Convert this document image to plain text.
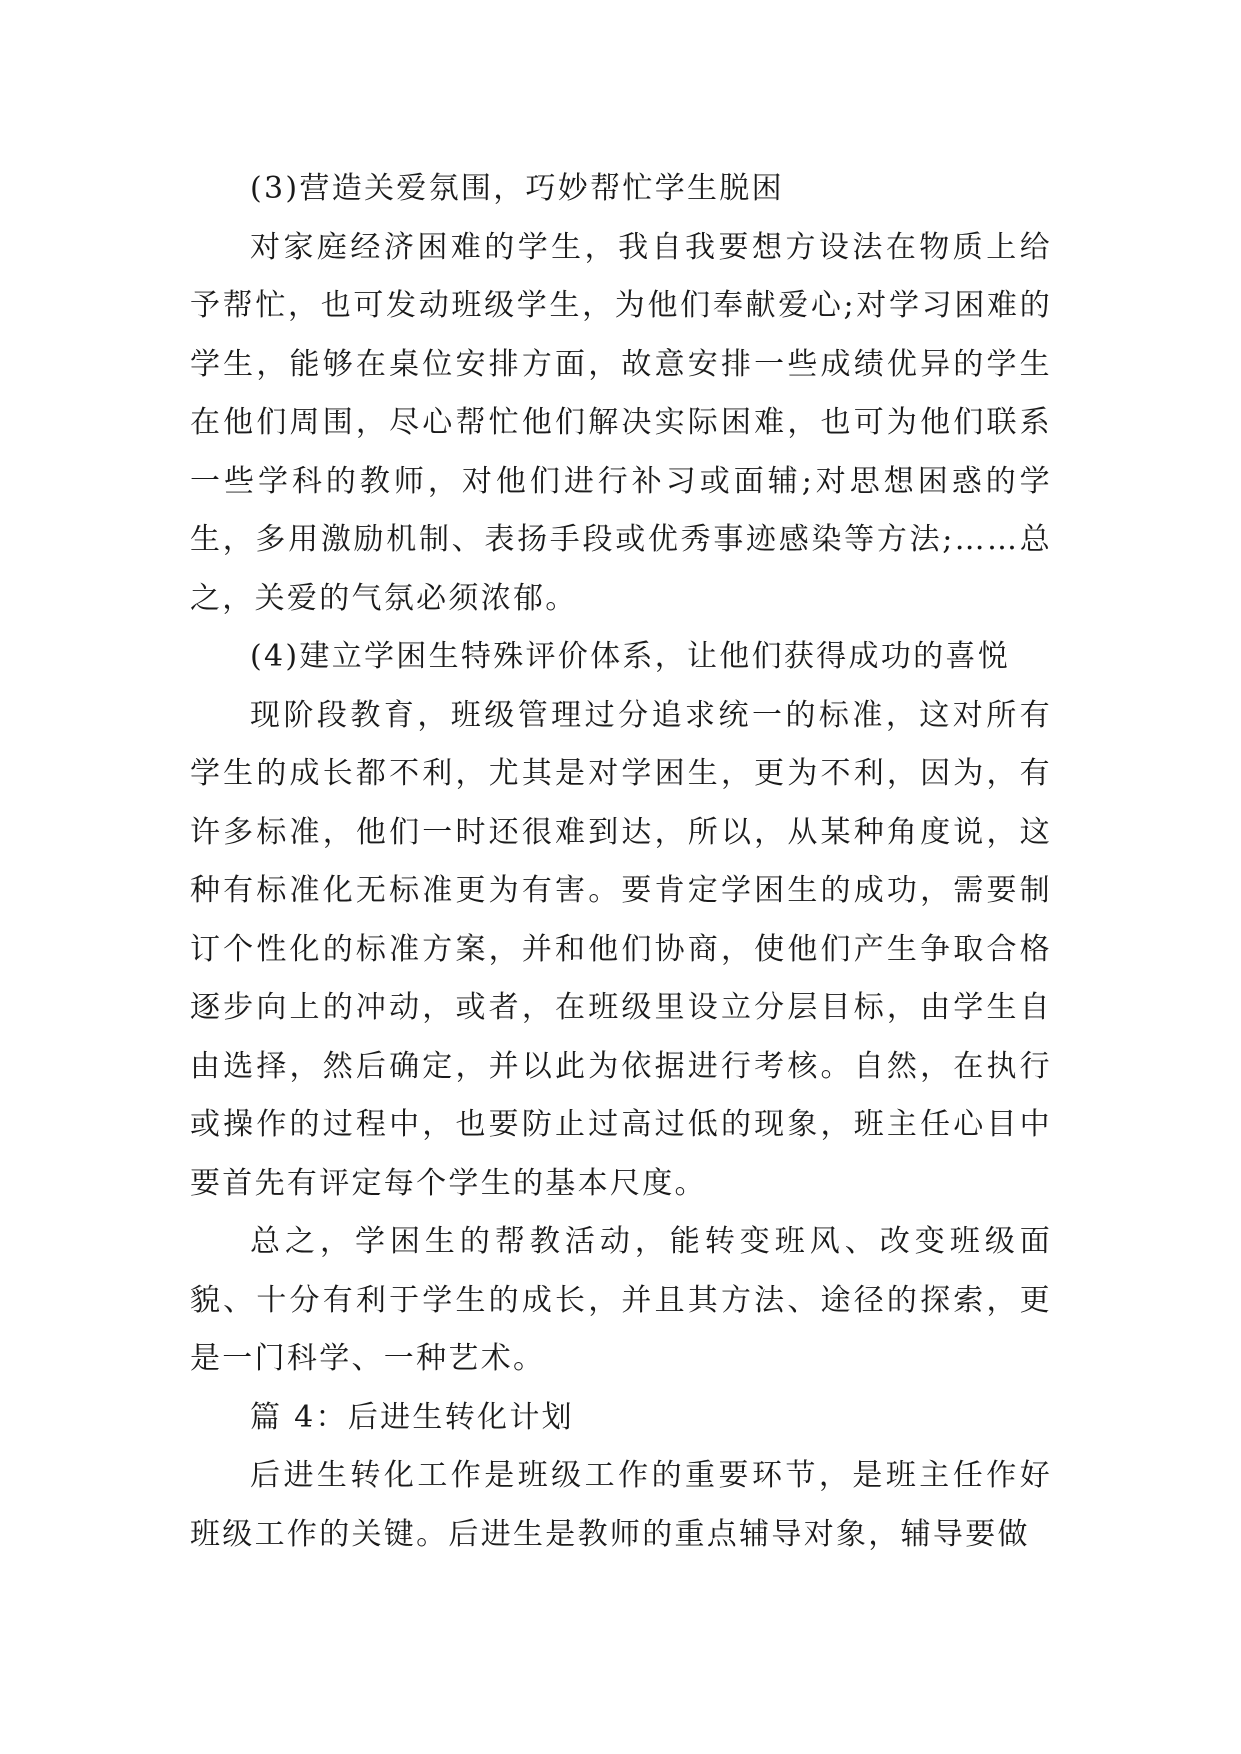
(3)营造关爱氛围，巧妙帮忙学生脱困

对家庭经济困难的学生，我自我要想方设法在物质上给予帮忙，也可发动班级学生，为他们奉献爱心;对学习困难的学生，能够在桌位安排方面，故意安排一些成绩优异的学生在他们周围，尽心帮忙他们解决实际困难，也可为他们联系一些学科的教师，对他们进行补习或面辅;对思想困惑的学生，多用激励机制、表扬手段或优秀事迹感染等方法;……总之，关爱的气氛必须浓郁。

(4)建立学困生特殊评价体系，让他们获得成功的喜悦

现阶段教育，班级管理过分追求统一的标准，这对所有学生的成长都不利，尤其是对学困生，更为不利，因为，有许多标准，他们一时还很难到达，所以，从某种角度说，这种有标准化无标准更为有害。要肯定学困生的成功，需要制订个性化的标准方案，并和他们协商，使他们产生争取合格逐步向上的冲动，或者，在班级里设立分层目标，由学生自由选择，然后确定，并以此为依据进行考核。自然，在执行或操作的过程中，也要防止过高过低的现象，班主任心目中要首先有评定每个学生的基本尺度。

总之，学困生的帮教活动，能转变班风、改变班级面貌、十分有利于学生的成长，并且其方法、途径的探索，更是一门科学、一种艺术。

篇 4：后进生转化计划

后进生转化工作是班级工作的重要环节，是班主任作好班级工作的关键。后进生是教师的重点辅导对象，辅导要做
